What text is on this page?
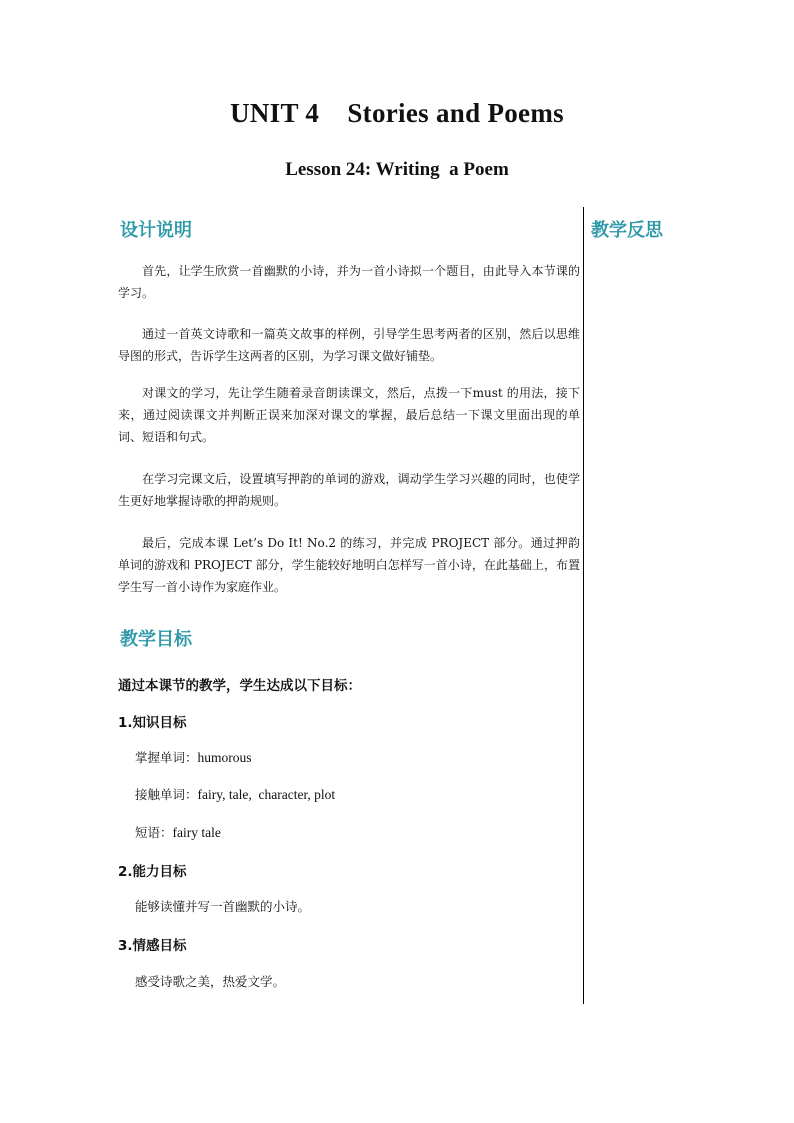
UNIT 4    Stories and Poems
Lesson 24: Writing  a Poem
设计说明	教学反思
首先，让学生欣赏一首幽默的小诗，并为一首小诗拟一个题目，由此导入本节课的学习。
通过一首英文诗歌和一篇英文故事的样例，引导学生思考两者的区别，然后以思维导图的形式，告诉学生这两者的区别，为学习课文做好铺垫。
对课文的学习，先让学生随着录音朗读课文，然后，点拨一下must 的用法，接下来，通过阅读课文并判断正误来加深对课文的掌握，最后总结一下课文里面出现的单词、短语和句式。
在学习完课文后，设置填写押韵的单词的游戏，调动学生学习兴趣的同时，也使学生更好地掌握诗歌的押韵规则。
最后，完成本课 Let’s Do It! No.2 的练习，并完成 PROJECT 部分。通过押韵单词的游戏和 PROJECT 部分，学生能较好地明白怎样写一首小诗，在此基础上，布置学生写一首小诗作为家庭作业。
教学目标
通过本课节的教学，学生达成以下目标：
1.知识目标
掌握单词：humorous
接触单词：fairy, tale,  character, plot
短语：fairy tale
2.能力目标
能够读懂并写一首幽默的小诗。
3.情感目标
感受诗歌之美，热爱文学。
